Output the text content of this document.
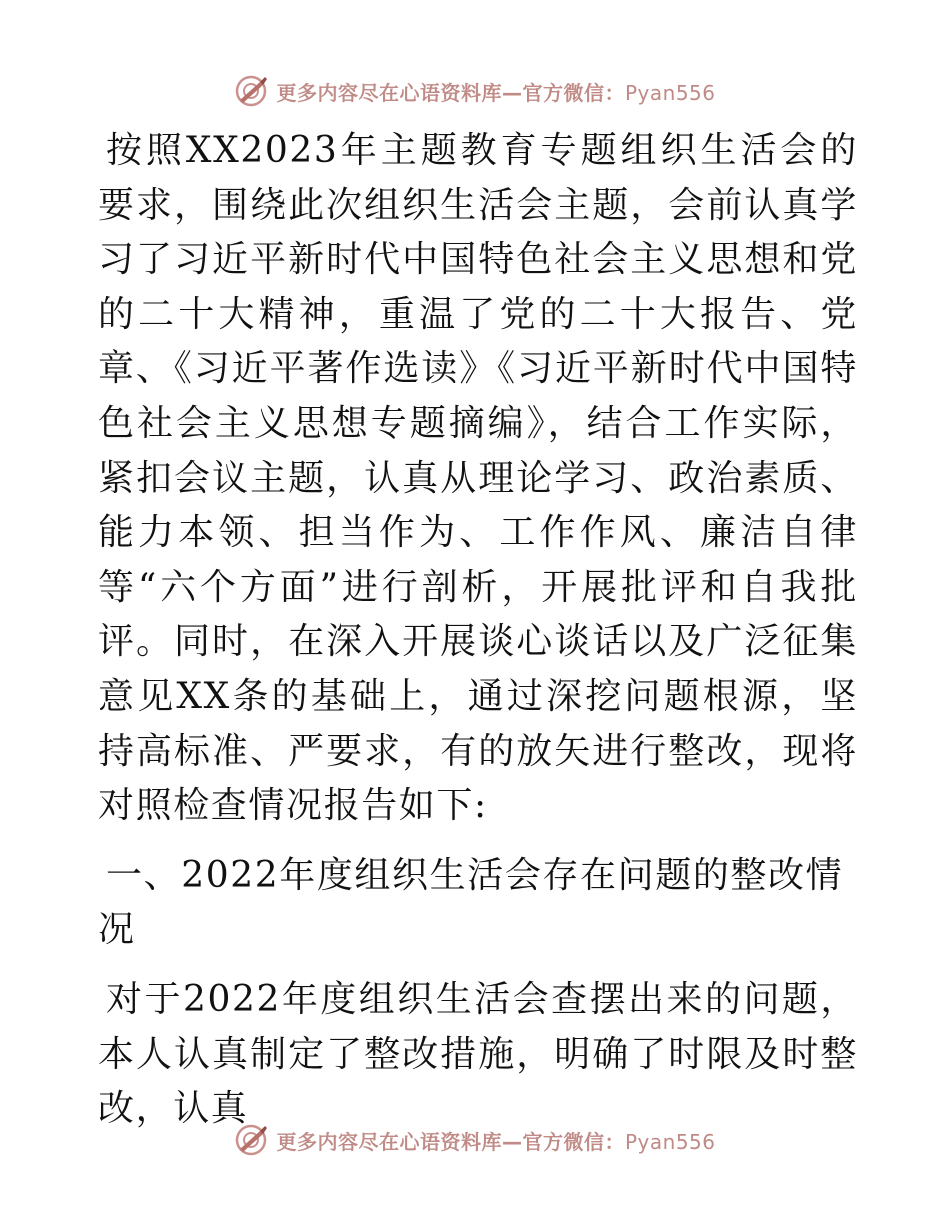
更多内容尽在心语资料库—官方微信：Pyan556

按照XX2023年主题教育专题组织生活会的要求，围绕此次组织生活会主题，会前认真学习了习近平新时代中国特色社会主义思想和党的二十大精神，重温了党的二十大报告、党章、《习近平著作选读》《习近平新时代中国特色社会主义思想专题摘编》，结合工作实际，紧扣会议主题，认真从理论学习、政治素质、能力本领、担当作为、工作作风、廉洁自律等“六个方面”进行剖析，开展批评和自我批评。同时，在深入开展谈心谈话以及广泛征集意见XX条的基础上，通过深挖问题根源，坚持高标准、严要求，有的放矢进行整改，现将对照检查情况报告如下:

一、2022年度组织生活会存在问题的整改情况

对于2022年度组织生活会查摆出来的问题，本人认真制定了整改措施，明确了时限及时整改，认真

更多内容尽在心语资料库—官方微信：Pyan556
